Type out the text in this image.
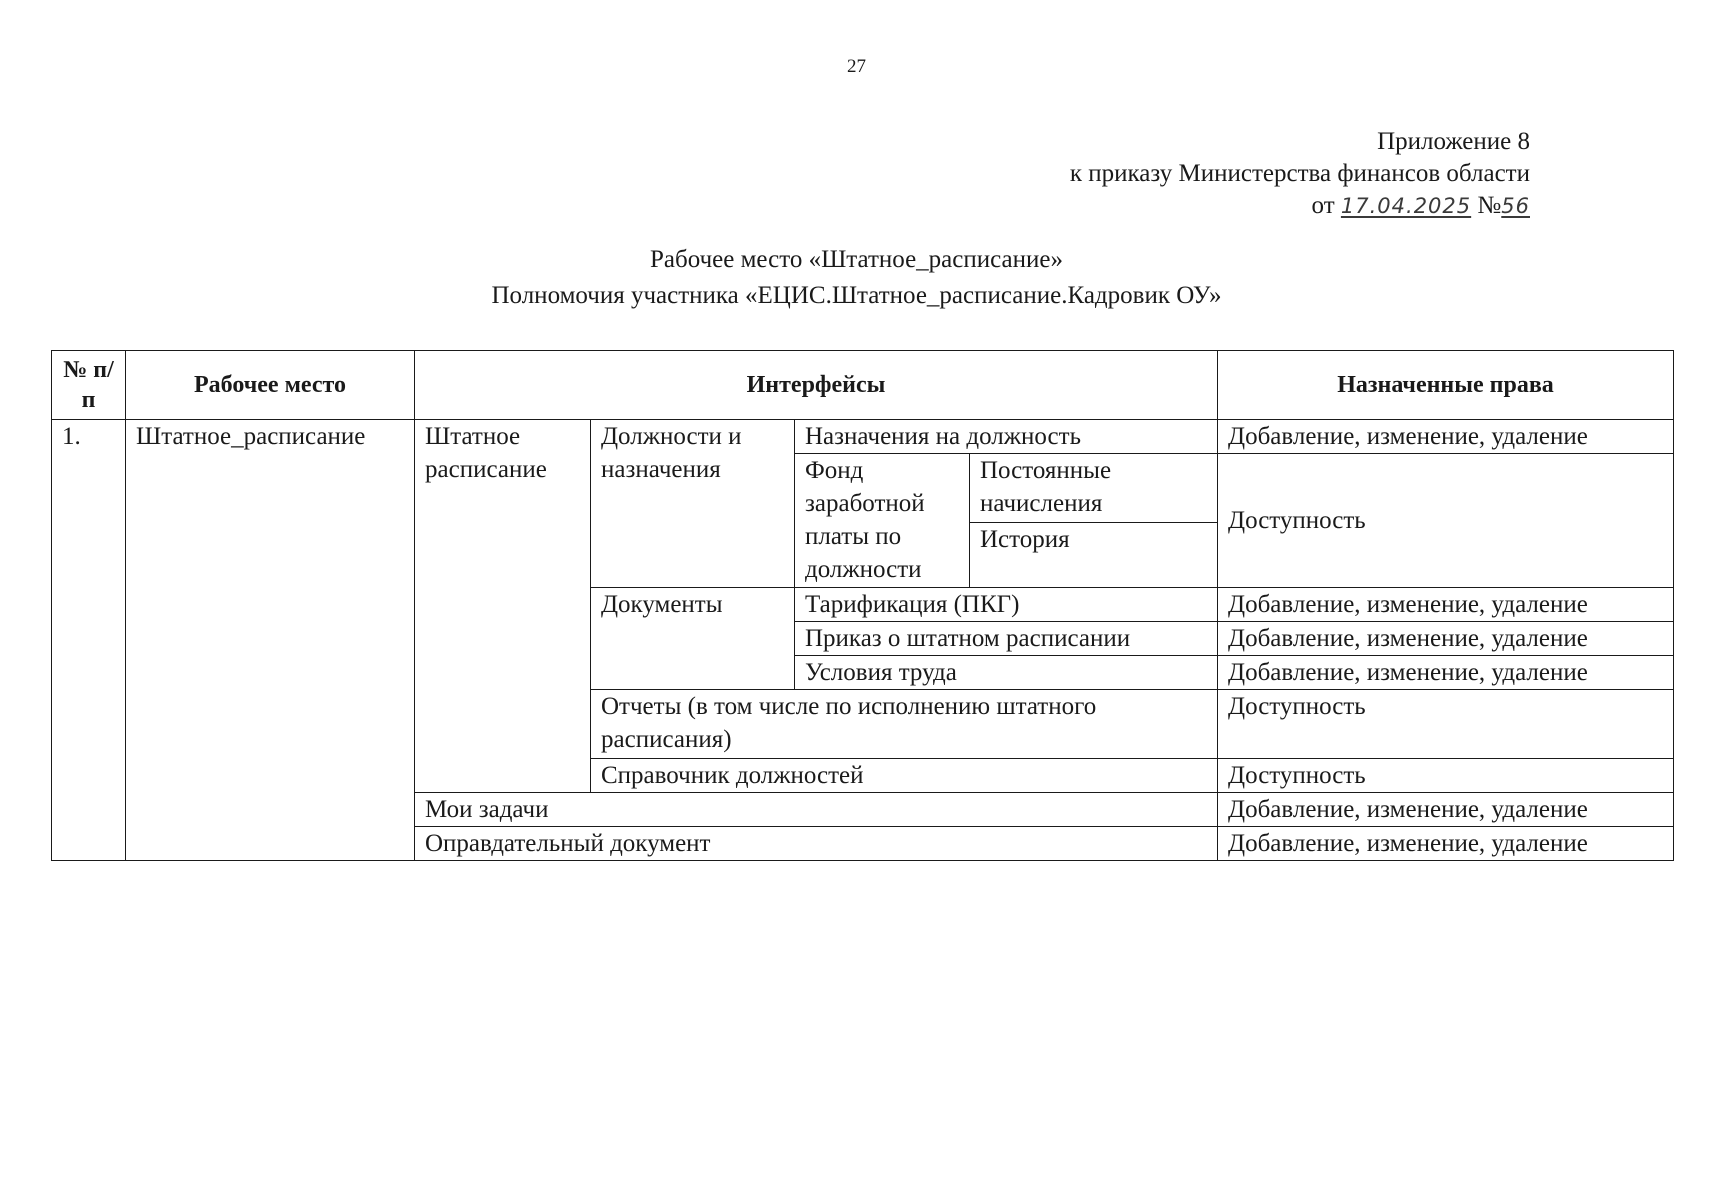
27
Приложение 8
к приказу Министерства финансов области
от 17.04.2025 №56
Рабочее место «Штатное_расписание»
Полномочия участника «ЕЦИС.Штатное_расписание.Кадровик ОУ»
№ п/п	Рабочее место	Интерфейсы				Назначенные права
1.	Штатное_расписание	Штатное расписание	Должности и назначения	Назначения на должность		Добавление, изменение, удаление
				Фонд заработной платы по должности	Постоянные начисления	Доступность
					История	
			Документы	Тарификация (ПКГ)		Добавление, изменение, удаление
				Приказ о штатном расписании		Добавление, изменение, удаление
				Условия труда		Добавление, изменение, удаление
			Отчеты (в том числе по исполнению штатного расписания)			Доступность
			Справочник должностей			Доступность
		Мои задачи				Добавление, изменение, удаление
		Оправдательный документ				Добавление, изменение, удаление
